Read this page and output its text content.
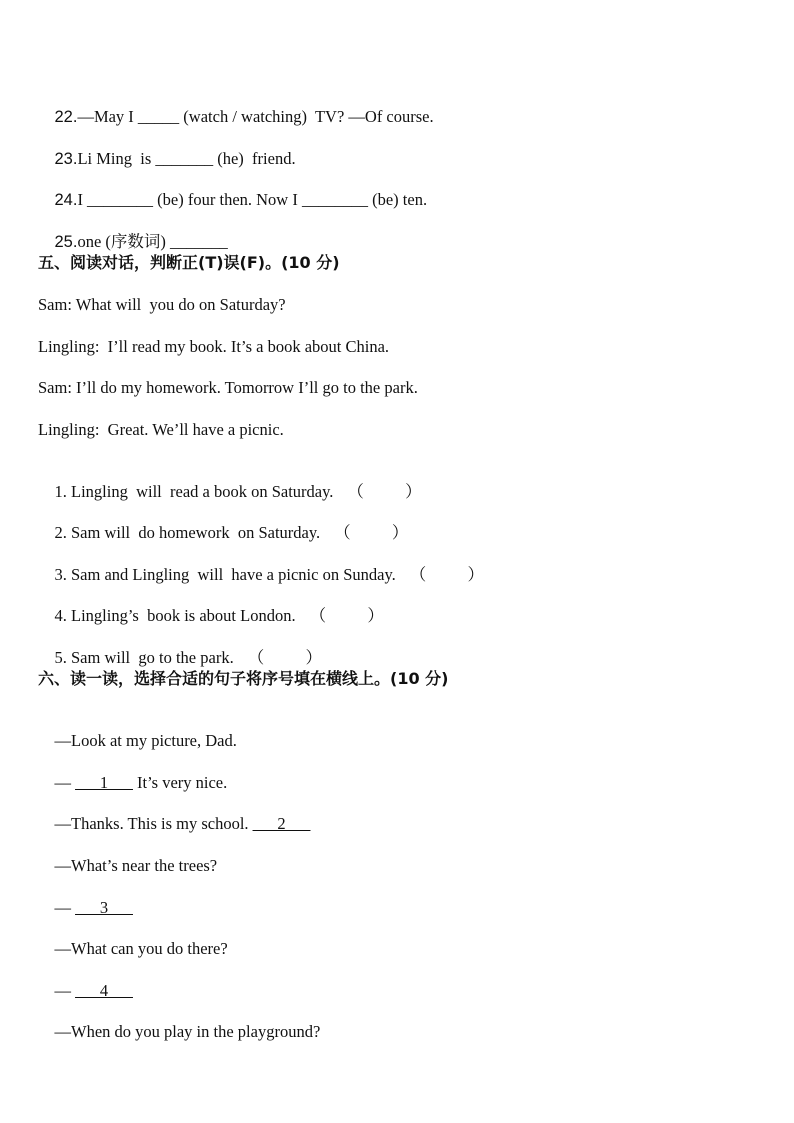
22.—May I _____ (watch / watching)  TV? —Of course.

23.Li Ming  is _______ (he)  friend.

24.I ________ (be) four then. Now I ________ (be) ten.

25.one (序数词) _______

五、阅读对话，判断正(T)误(F)。(10 分)
Sam: What will  you do on Saturday?
Lingling:  I’ll read my book. It’s a book about China.
Sam: I’ll do my homework. Tomorrow I’ll go to the park.
Lingling:  Great. We’ll have a picnic.

1. Lingling  will  read a book on Saturday. （          ）

2. Sam will  do homework  on Saturday. （          ）

3. Sam and Lingling  will  have a picnic on Sunday. （          ）

4. Lingling’s  book is about London. （          ）

5. Sam will  go to the park. （          ）

六、读一读，选择合适的句子将序号填在横线上。(10 分)

—Look at my picture, Dad.

— ___1___ It’s very nice.

—Thanks. This is my school. ___2___

—What’s near the trees?

— ___3___

—What can you do there?

— ___4___

—When do you play in the playground?
